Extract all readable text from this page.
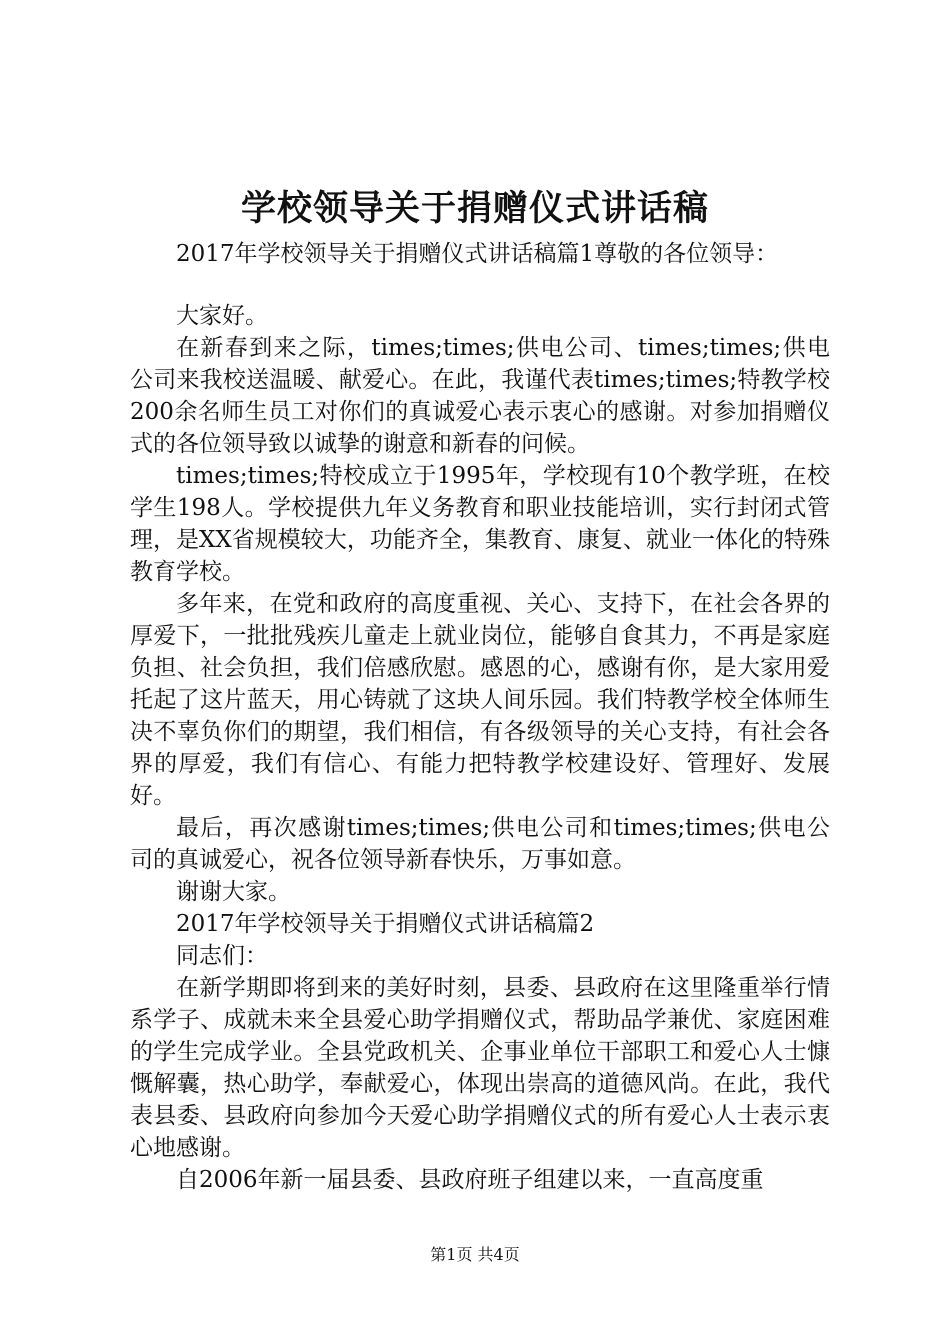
学校领导关于捐赠仪式讲话稿

2017年学校领导关于捐赠仪式讲话稿篇1尊敬的各位领导：

大家好。

在新春到来之际，times;times;供电公司、times;times;供电公司来我校送温暖、献爱心。在此，我谨代表times;times;特教学校200余名师生员工对你们的真诚爱心表示衷心的感谢。对参加捐赠仪式的各位领导致以诚挚的谢意和新春的问候。

times;times;特校成立于1995年，学校现有10个教学班，在校学生198人。学校提供九年义务教育和职业技能培训，实行封闭式管理，是XX省规模较大，功能齐全，集教育、康复、就业一体化的特殊教育学校。

多年来，在党和政府的高度重视、关心、支持下，在社会各界的厚爱下，一批批残疾儿童走上就业岗位，能够自食其力，不再是家庭负担、社会负担，我们倍感欣慰。感恩的心，感谢有你，是大家用爱托起了这片蓝天，用心铸就了这块人间乐园。我们特教学校全体师生决不辜负你们的期望，我们相信，有各级领导的关心支持，有社会各界的厚爱，我们有信心、有能力把特教学校建设好、管理好、发展好。

最后，再次感谢times;times;供电公司和times;times;供电公司的真诚爱心，祝各位领导新春快乐，万事如意。

谢谢大家。

2017年学校领导关于捐赠仪式讲话稿篇2

同志们：

在新学期即将到来的美好时刻，县委、县政府在这里隆重举行情系学子、成就未来全县爱心助学捐赠仪式，帮助品学兼优、家庭困难的学生完成学业。全县党政机关、企事业单位干部职工和爱心人士慷慨解囊，热心助学，奉献爱心，体现出崇高的道德风尚。在此，我代表县委、县政府向参加今天爱心助学捐赠仪式的所有爱心人士表示衷心地感谢。

自2006年新一届县委、县政府班子组建以来，一直高度重

第1页 共4页
